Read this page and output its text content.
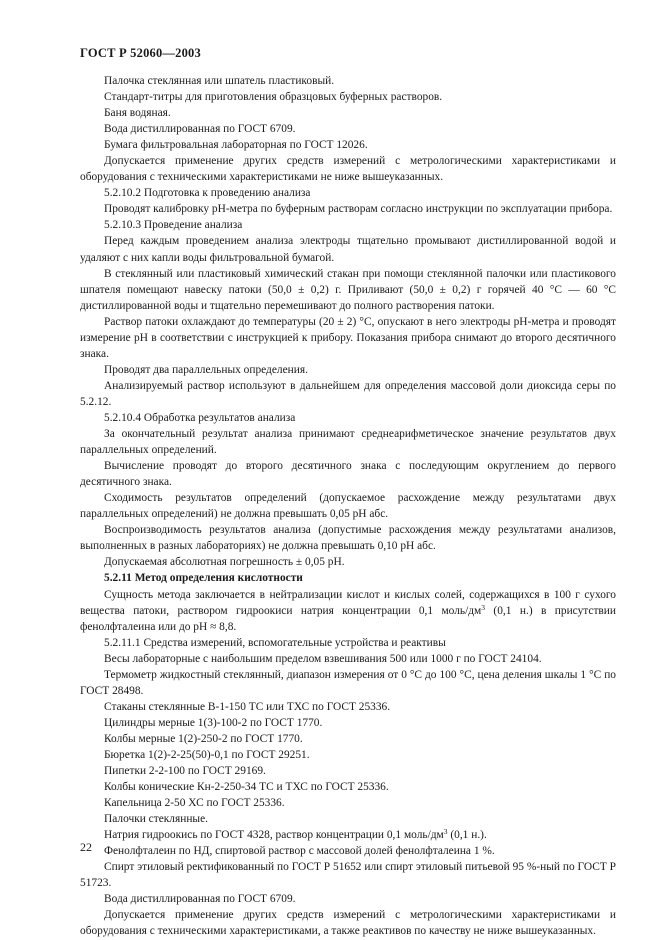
ГОСТ Р 52060—2003

Палочка стеклянная или шпатель пластиковый.

Стандарт-титры для приготовления образцовых буферных растворов.

Баня водяная.

Вода дистиллированная по ГОСТ 6709.

Бумага фильтровальная лабораторная по ГОСТ 12026.

Допускается применение других средств измерений с метрологическими характеристиками и оборудования с техническими характеристиками не ниже вышеуказанных.

5.2.10.2 Подготовка к проведению анализа

Проводят калибровку pH-метра по буферным растворам согласно инструкции по эксплуатации прибора.

5.2.10.3 Проведение анализа

Перед каждым проведением анализа электроды тщательно промывают дистиллированной водой и удаляют с них капли воды фильтровальной бумагой.

В стеклянный или пластиковый химический стакан при помощи стеклянной палочки или пластикового шпателя помещают навеску патоки (50,0 ± 0,2) г. Приливают (50,0 ± 0,2) г горячей 40 °С — 60 °С дистиллированной воды и тщательно перемешивают до полного растворения патоки.

Раствор патоки охлаждают до температуры (20 ± 2) °С, опускают в него электроды pH-метра и проводят измерение pH в соответствии с инструкцией к прибору. Показания прибора снимают до второго десятичного знака.

Проводят два параллельных определения.

Анализируемый раствор используют в дальнейшем для определения массовой доли диоксида серы по 5.2.12.

5.2.10.4 Обработка результатов анализа

За окончательный результат анализа принимают среднеарифметическое значение результатов двух параллельных определений.

Вычисление проводят до второго десятичного знака с последующим округлением до первого десятичного знака.

Сходимость результатов определений (допускаемое расхождение между результатами двух параллельных определений) не должна превышать 0,05 pH абс.

Воспроизводимость результатов анализа (допустимые расхождения между результатами анализов, выполненных в разных лабораториях) не должна превышать 0,10 pH абс.

Допускаемая абсолютная погрешность ± 0,05 pH.

5.2.11 Метод определения кислотности

Сущность метода заключается в нейтрализации кислот и кислых солей, содержащихся в 100 г сухого вещества патоки, раствором гидроокиси натрия концентрации 0,1 моль/$дм^3$ (0,1 н.) в присутствии фенолфталеина или до pH ≈ 8,8.

5.2.11.1 Средства измерений, вспомогательные устройства и реактивы

Весы лабораторные с наибольшим пределом взвешивания 500 или 1000 г по ГОСТ 24104.

Термометр жидкостный стеклянный, диапазон измерения от 0 °С до 100 °С, цена деления шкалы 1 °С по ГОСТ 28498.

Стаканы стеклянные В-1-150 ТС или ТХС по ГОСТ 25336.

Цилиндры мерные 1(3)-100-2 по ГОСТ 1770.

Колбы мерные 1(2)-250-2 по ГОСТ 1770.

Бюретка 1(2)-2-25(50)-0,1 по ГОСТ 29251.

Пипетки 2-2-100 по ГОСТ 29169.

Колбы конические Кн-2-250-34 ТС и ТХС по ГОСТ 25336.

Капельница 2-50 ХС по ГОСТ 25336.

Палочки стеклянные.

Натрия гидроокись по ГОСТ 4328, раствор концентрации 0,1 моль/$дм^3$ (0,1 н.).

Фенолфталеин по НД, спиртовой раствор с массовой долей фенолфталеина 1 %.

Спирт этиловый ректификованный по ГОСТ Р 51652 или спирт этиловый питьевой 95 %-ный по ГОСТ Р 51723.

Вода дистиллированная по ГОСТ 6709.

Допускается применение других средств измерений с метрологическими характеристиками и оборудования с техническими характеристиками, а также реактивов по качеству не ниже вышеуказанных.

22
